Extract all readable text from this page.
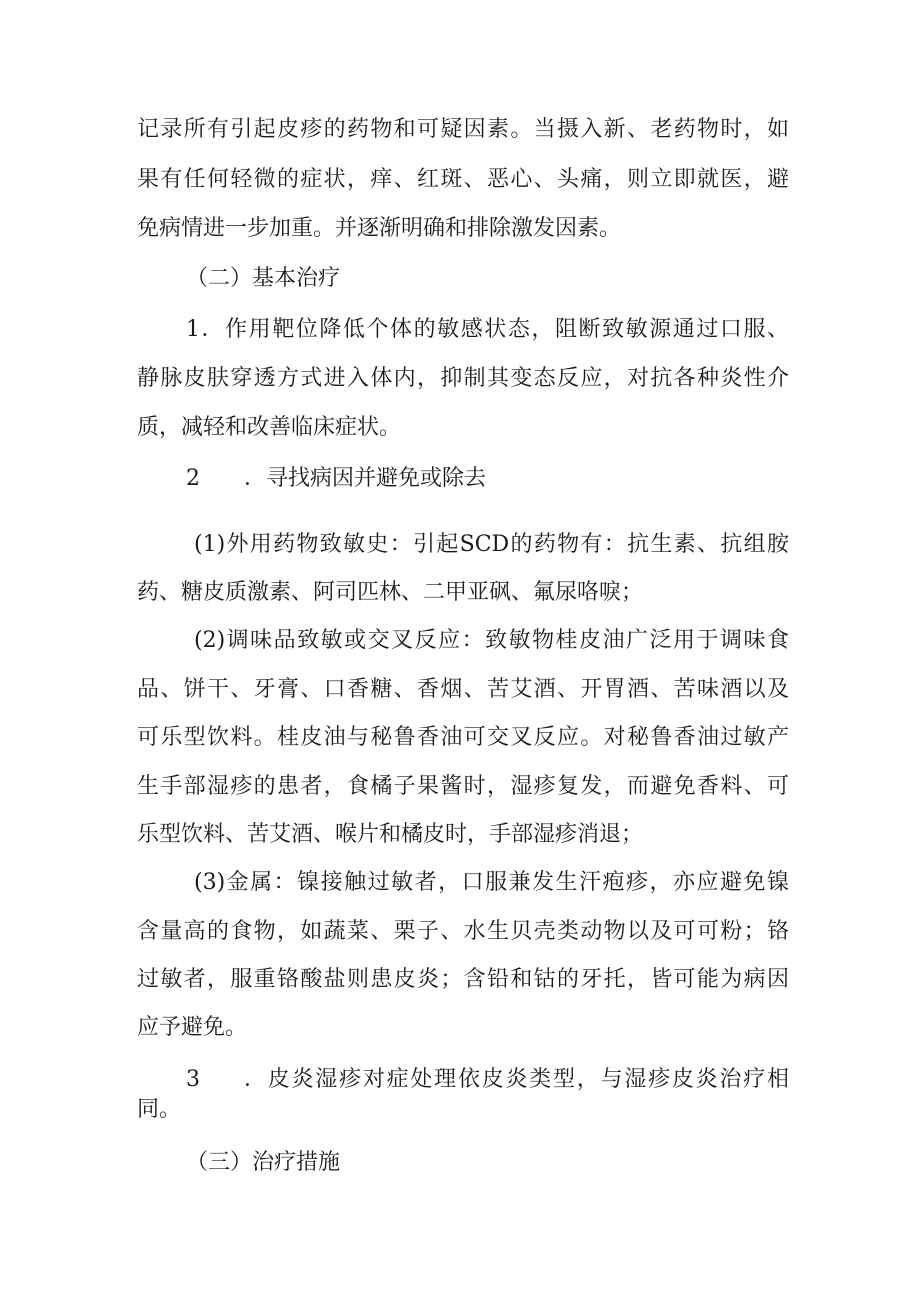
记录所有引起皮疹的药物和可疑因素。当摄入新、老药物时，如
果有任何轻微的症状，痒、红斑、恶心、头痛，则立即就医，避
免病情进一步加重。并逐渐明确和排除激发因素。
（二）基本治疗
1．作用靶位降低个体的敏感状态，阻断致敏源通过口服、
静脉皮肤穿透方式进入体内，抑制其变态反应，对抗各种炎性介
质，减轻和改善临床症状。
2 ．寻找病因并避免或除去
(1)外用药物致敏史：引起SCD的药物有：抗生素、抗组胺
药、糖皮质激素、阿司匹林、二甲亚砜、氟尿咯唳；
(2)调味品致敏或交叉反应：致敏物桂皮油广泛用于调味食
品、饼干、牙膏、口香糖、香烟、苦艾酒、开胃酒、苦味酒以及
可乐型饮料。桂皮油与秘鲁香油可交叉反应。对秘鲁香油过敏产
生手部湿疹的患者，食橘子果酱时，湿疹复发，而避免香料、可
乐型饮料、苦艾酒、喉片和橘皮时，手部湿疹消退；
(3)金属：镍接触过敏者，口服兼发生汗疱疹，亦应避免镍
含量高的食物，如蔬菜、栗子、水生贝壳类动物以及可可粉；铬
过敏者，服重铬酸盐则患皮炎；含铅和钴的牙托，皆可能为病因
应予避免。
3 ．皮炎湿疹对症处理依皮炎类型，与湿疹皮炎治疗相
同。
（三）治疗措施
